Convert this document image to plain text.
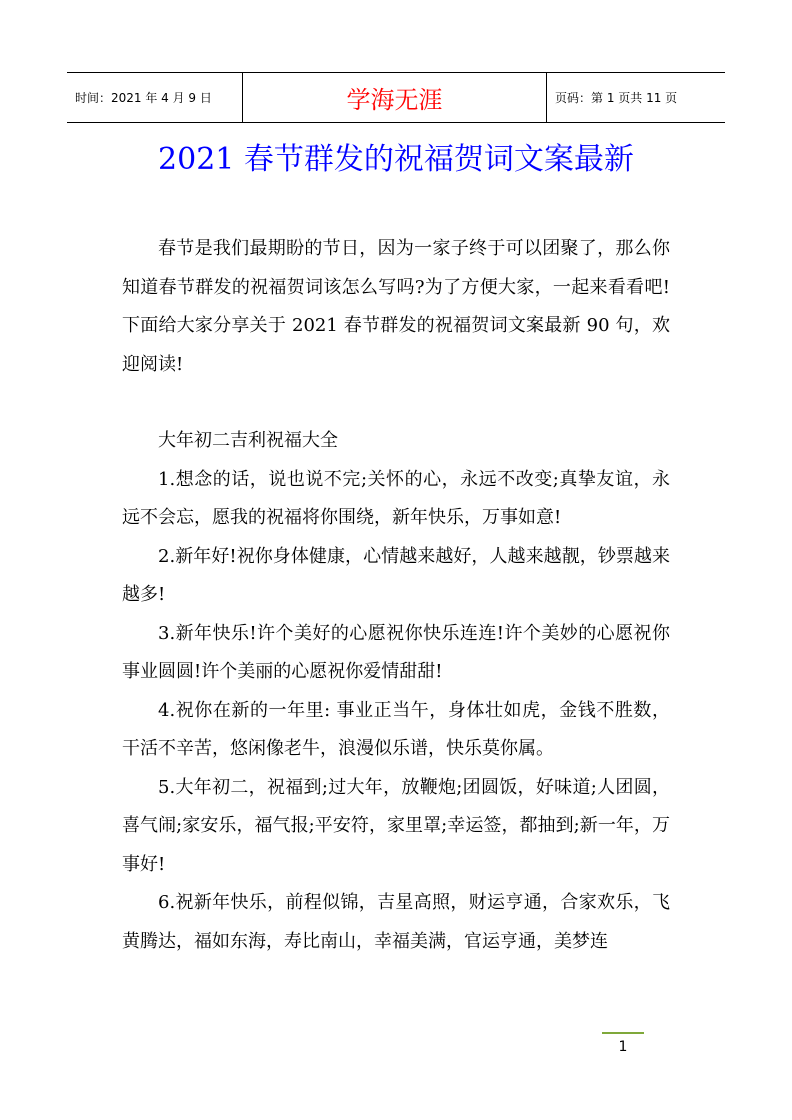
时间：2021 年 4 月 9 日	学海无涯	页码：第 1 页共 11 页
2021 春节群发的祝福贺词文案最新

春节是我们最期盼的节日，因为一家子终于可以团聚了，那么你知道春节群发的祝福贺词该怎么写吗?为了方便大家，一起来看看吧!下面给大家分享关于 2021 春节群发的祝福贺词文案最新 90 句，欢迎阅读!

大年初二吉利祝福大全

1.想念的话，说也说不完;关怀的心，永远不改变;真挚友谊，永远不会忘，愿我的祝福将你围绕，新年快乐，万事如意!

2.新年好!祝你身体健康，心情越来越好，人越来越靓，钞票越来越多!

3.新年快乐!许个美好的心愿祝你快乐连连!许个美妙的心愿祝你事业圆圆!许个美丽的心愿祝你爱情甜甜!

4.祝你在新的一年里: 事业正当午，身体壮如虎，金钱不胜数，干活不辛苦，悠闲像老牛，浪漫似乐谱，快乐莫你属。

5.大年初二，祝福到;过大年，放鞭炮;团圆饭，好味道;人团圆，喜气闹;家安乐，福气报;平安符，家里罩;幸运签，都抽到;新一年，万事好!

6.祝新年快乐，前程似锦，吉星高照，财运亨通，合家欢乐，飞黄腾达，福如东海，寿比南山，幸福美满，官运亨通，美梦连

1
